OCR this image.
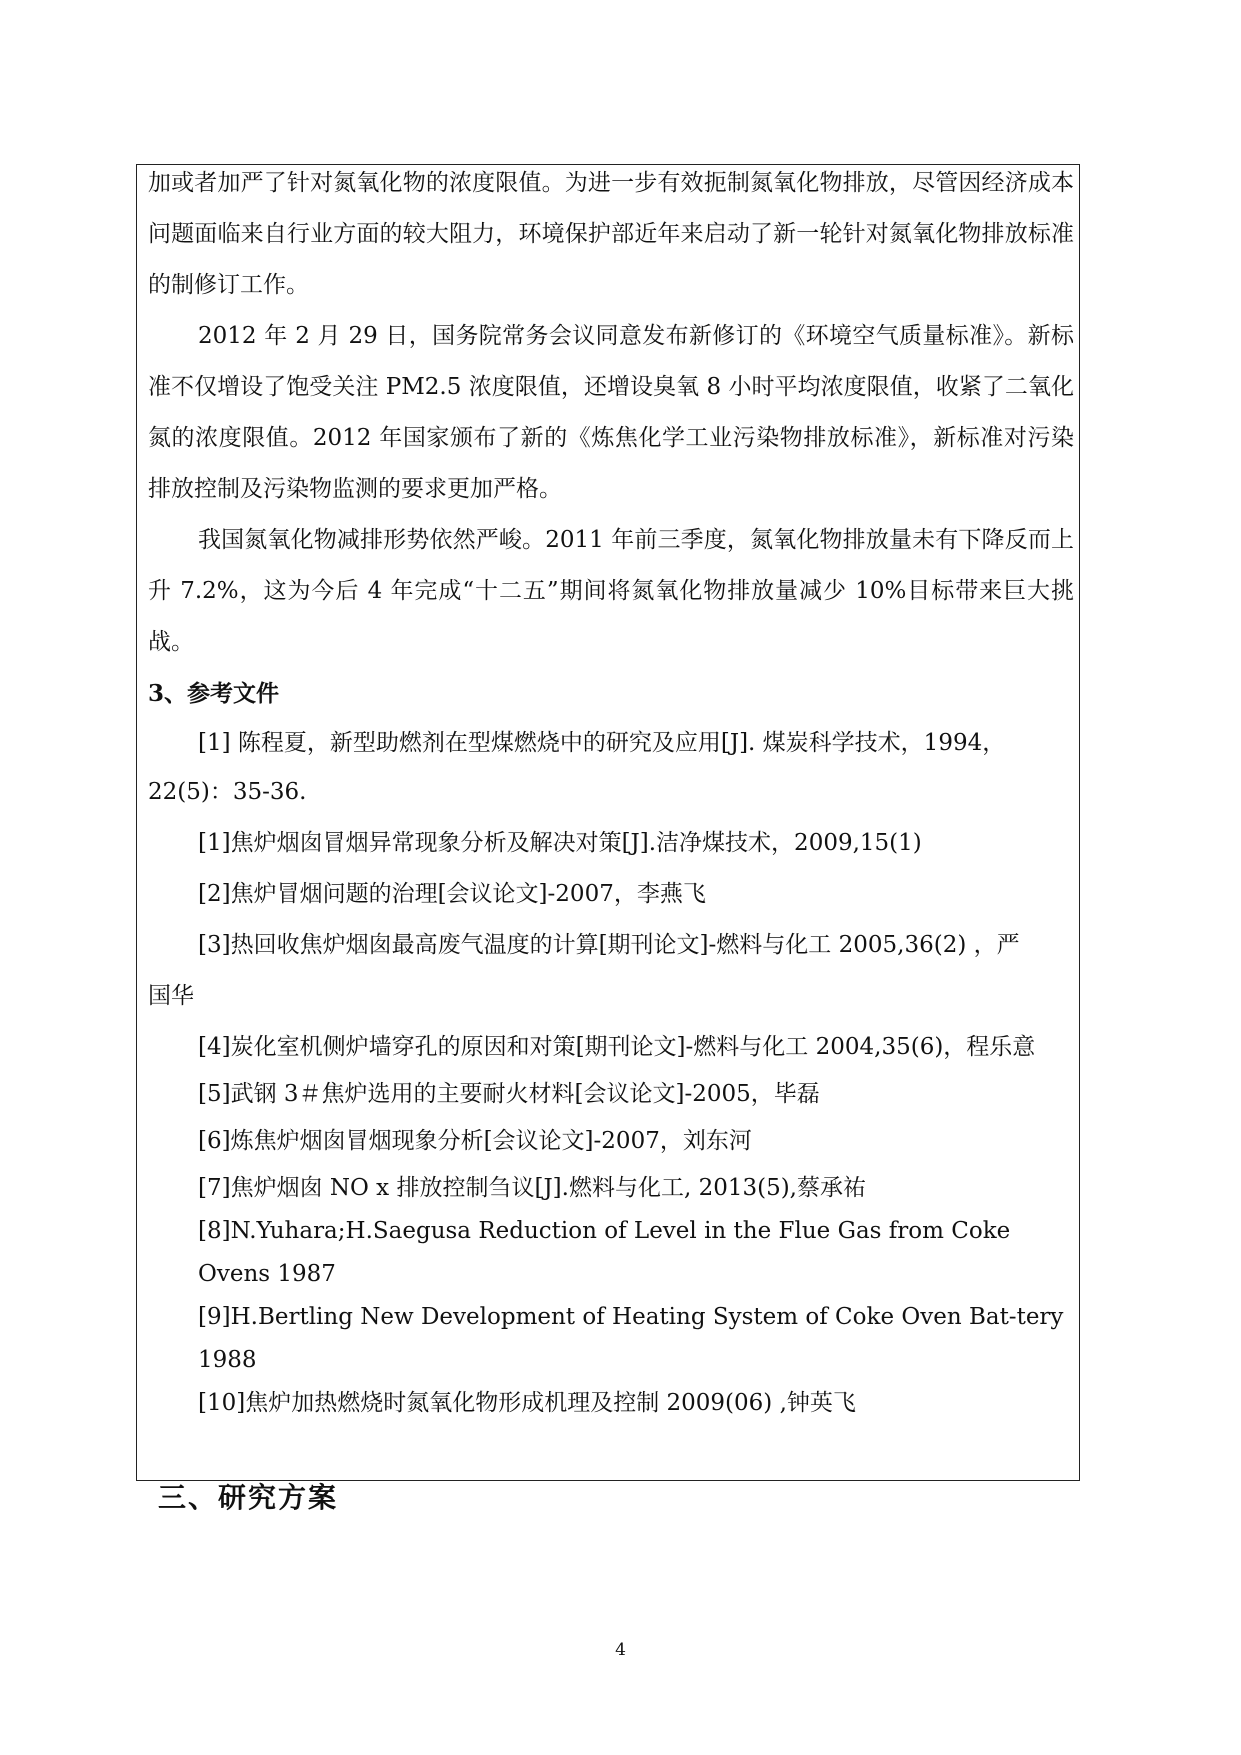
加或者加严了针对氮氧化物的浓度限值。为进一步有效扼制氮氧化物排放，尽管因经济成本问题面临来自行业方面的较大阻力，环境保护部近年来启动了新一轮针对氮氧化物排放标准的制修订工作。

2012 年 2 月 29 日，国务院常务会议同意发布新修订的《环境空气质量标准》。新标准不仅增设了饱受关注 PM2.5 浓度限值，还增设臭氧 8 小时平均浓度限值，收紧了二氧化氮的浓度限值。2012 年国家颁布了新的《炼焦化学工业污染物排放标准》，新标准对污染排放控制及污染物监测的要求更加严格。

我国氮氧化物减排形势依然严峻。2011 年前三季度，氮氧化物排放量未有下降反而上升 7.2%，这为今后 4 年完成“十二五”期间将氮氧化物排放量减少 10%目标带来巨大挑战。

3、参考文件

[1] 陈程夏，新型助燃剂在型煤燃烧中的研究及应用[J]. 煤炭科学技术，1994，

22(5)：35-36.

[1]焦炉烟囱冒烟异常现象分析及解决对策[J].洁净煤技术，2009,15(1)

[2]焦炉冒烟问题的治理[会议论文]-2007，李燕飞

[3]热回收焦炉烟囱最高废气温度的计算[期刊论文]-燃料与化工 2005,36(2) ，严

国华

[4]炭化室机侧炉墙穿孔的原因和对策[期刊论文]-燃料与化工 2004,35(6)，程乐意

[5]武钢 3＃焦炉选用的主要耐火材料[会议论文]-2005，毕磊

[6]炼焦炉烟囱冒烟现象分析[会议论文]-2007，刘东河

[7]焦炉烟囱 NO x 排放控制刍议[J].燃料与化工, 2013(5),蔡承祐

[8]N.Yuhara;H.Saegusa Reduction of Level in the Flue Gas from Coke Ovens 1987

[9]H.Bertling New Development of Heating System of Coke Oven Bat-tery 1988

[10]焦炉加热燃烧时氮氧化物形成机理及控制 2009(06) ,钟英飞

三、研究方案
4
